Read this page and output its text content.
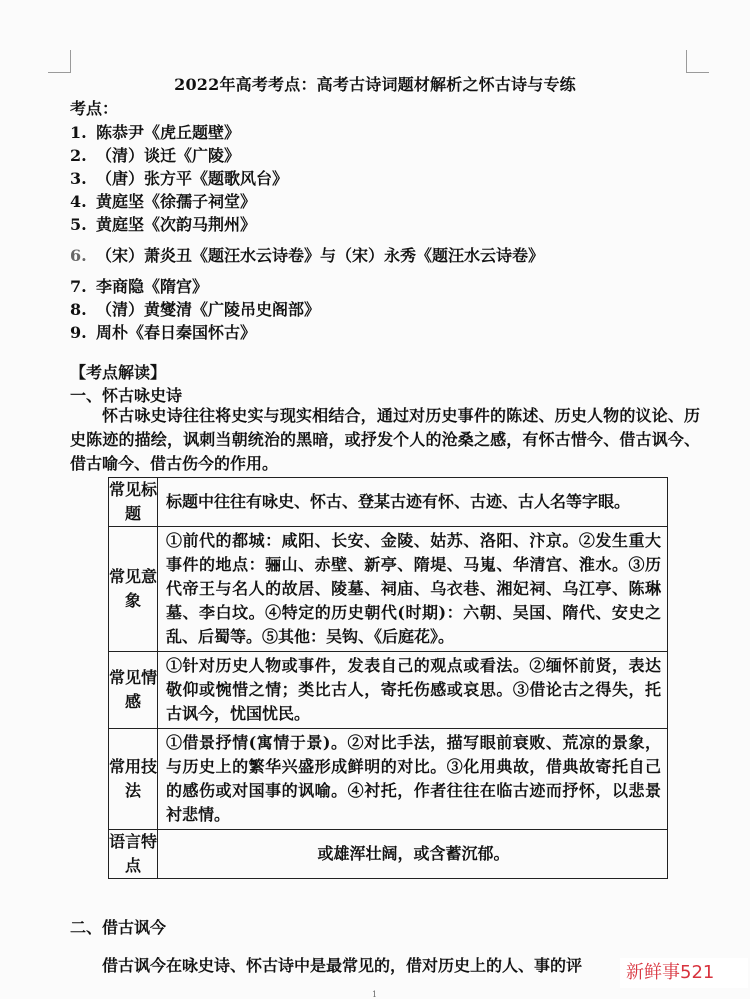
2022年高考考点：高考古诗词题材解析之怀古诗与专练
考点：
1. 陈恭尹《虎丘题壁》
2. （清）谈迁《广陵》
3. （唐）张方平《题歌风台》
4. 黄庭坚《徐孺子祠堂》
5. 黄庭坚《次韵马荆州》
6. （宋）萧炎丑《题汪水云诗卷》与（宋）永秀《题汪水云诗卷》
7. 李商隐《隋宫》
8. （清）黄燮清《广陵吊史阁部》
9. 周朴《春日秦国怀古》
【考点解读】
一、怀古咏史诗
怀古咏史诗往往将史实与现实相结合，通过对历史事件的陈述、历史人物的议论、历史陈迹的描绘，讽刺当朝统治的黑暗，或抒发个人的沧桑之感，有怀古惜今、借古讽今、借古喻今、借古伤今的作用。
常见标题	标题中往往有咏史、怀古、登某古迹有怀、古迹、古人名等字眼。
常见意象	①前代的都城：咸阳、长安、金陵、姑苏、洛阳、汴京。②发生重大事件的地点：骊山、赤壁、新亭、隋堤、马嵬、华清宫、淮水。③历代帝王与名人的故居、陵墓、祠庙、乌衣巷、湘妃祠、乌江亭、陈琳墓、李白坟。④特定的历史朝代(时期)：六朝、吴国、隋代、安史之乱、后蜀等。⑤其他：吴钩、《后庭花》。
常见情感	①针对历史人物或事件，发表自己的观点或看法。②缅怀前贤，表达敬仰或惋惜之情；类比古人，寄托伤感或哀思。③借论古之得失，托古讽今，忧国忧民。
常用技法	①借景抒情(寓情于景)。②对比手法，描写眼前衰败、荒凉的景象，与历史上的繁华兴盛形成鲜明的对比。③化用典故，借典故寄托自己的感伤或对国事的讽喻。④衬托，作者往往在临古迹而抒怀，以悲景衬悲情。
语言特点	或雄浑壮阔，或含蓄沉郁。
二、借古讽今
借古讽今在咏史诗、怀古诗中是最常见的，借对历史上的人、事的评
1
新鲜事521
